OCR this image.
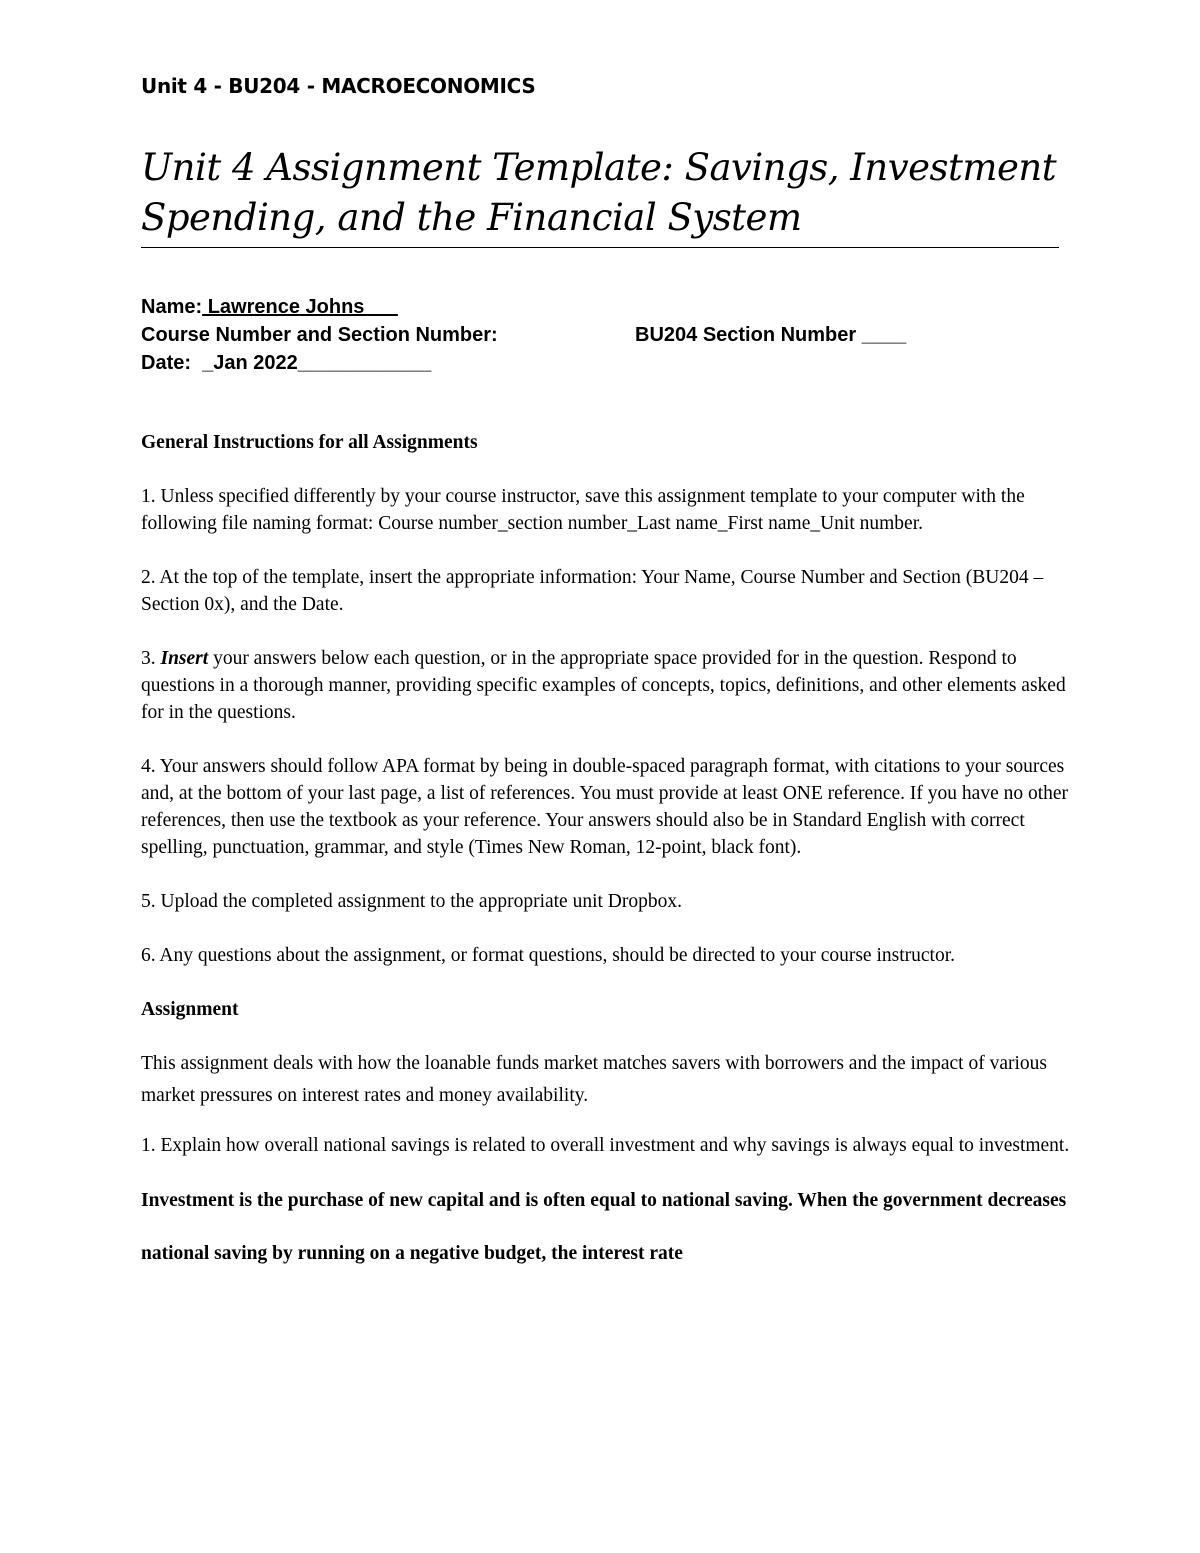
Unit 4 - BU204 - MACROECONOMICS
Unit 4 Assignment Template: Savings, Investment
Spending, and the Financial System
Name: Lawrence Johns___
Course Number and Section Number:	BU204 Section Number ____
Date: _Jan 2022____________
General Instructions for all Assignments

1. Unless specified differently by your course instructor, save this assignment template to your computer with the following file naming format: Course number_section number_Last name_First name_Unit number.

2. At the top of the template, insert the appropriate information: Your Name, Course Number and Section (BU204 – Section 0x), and the Date.

3. Insert your answers below each question, or in the appropriate space provided for in the question. Respond to questions in a thorough manner, providing specific examples of concepts, topics, definitions, and other elements asked for in the questions.

4. Your answers should follow APA format by being in double-spaced paragraph format, with citations to your sources and, at the bottom of your last page, a list of references. You must provide at least ONE reference. If you have no other references, then use the textbook as your reference. Your answers should also be in Standard English with correct spelling, punctuation, grammar, and style (Times New Roman, 12-point, black font).

5. Upload the completed assignment to the appropriate unit Dropbox.

6. Any questions about the assignment, or format questions, should be directed to your course instructor.

Assignment

This assignment deals with how the loanable funds market matches savers with borrowers and the impact of various market pressures on interest rates and money availability.

1. Explain how overall national savings is related to overall investment and why savings is always equal to investment.

Investment is the purchase of new capital and is often equal to national saving. When the government decreases national saving by running on a negative budget, the interest rate
